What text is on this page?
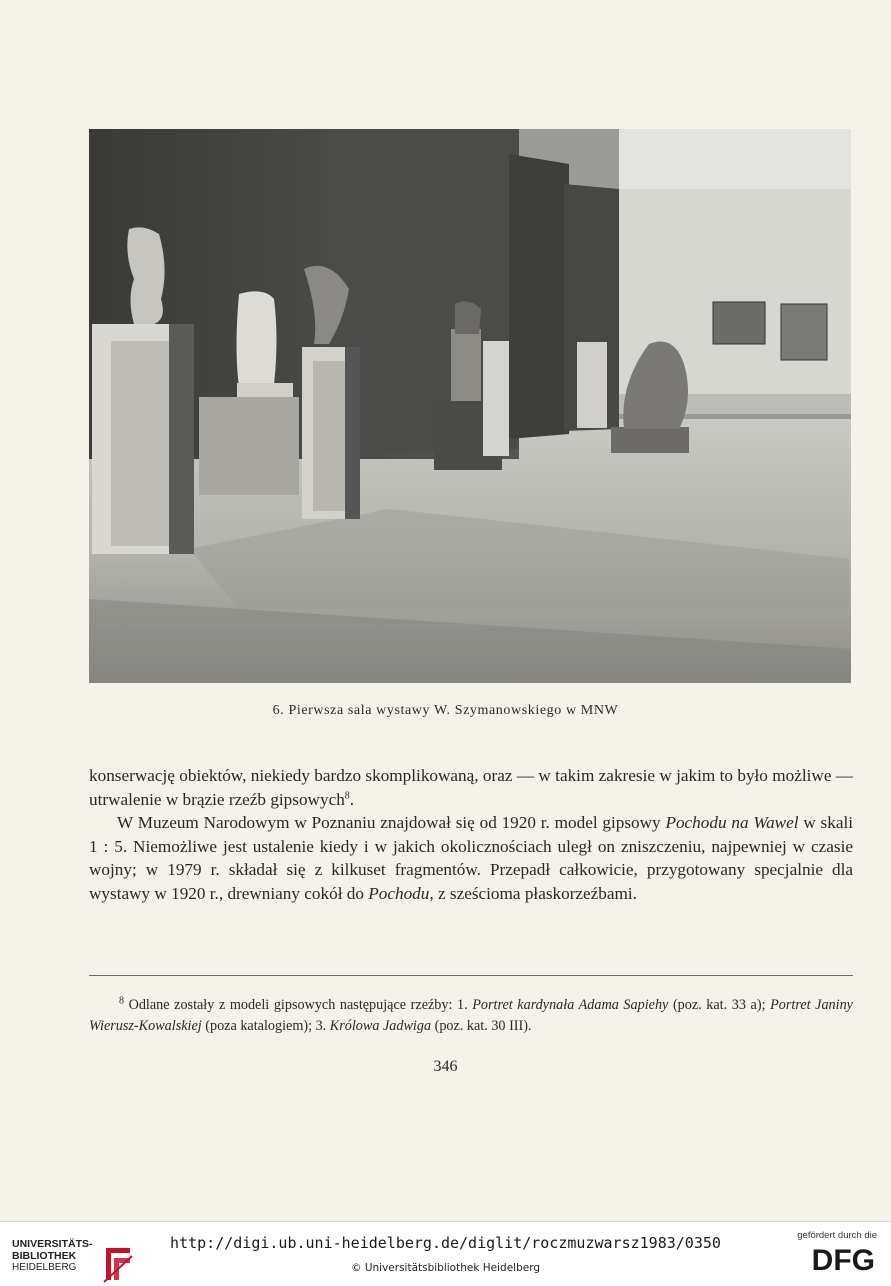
6. Pierwsza sala wystawy W. Szymanowskiego w MNW

konserwację obiektów, niekiedy bardzo skomplikowaną, oraz — w takim zakresie w jakim to było możliwe — utrwalenie w brązie rzeźb gipsowych$^8$.

W Muzeum Narodowym w Poznaniu znajdował się od 1920 r. model gipsowy Pochodu na Wawel w skali 1 : 5. Niemożliwe jest ustalenie kiedy i w jakich okolicznościach uległ on zniszczeniu, najpewniej w czasie wojny; w 1979 r. składał się z kilkuset fragmentów. Przepadł całkowicie, przygotowany specjalnie dla wystawy w 1920 r., drewniany cokół do Pochodu, z sześcioma płaskorzeźbami.

$^8$ Odlane zostały z modeli gipsowych następujące rzeźby: 1. Portret kardynała Adama Sapiehy (poz. kat. 33 a); Portret Janiny Wierusz-Kowalskiej (poza katalogiem); 3. Królowa Jadwiga (poz. kat. 30 III).

346
UNIVERSITÄTS-
BIBLIOTHEK
HEIDELBERG
http://digi.ub.uni-heidelberg.de/diglit/roczmuzwarsz1983/0350
© Universitätsbibliothek Heidelberg
gefördert durch die
DFG
